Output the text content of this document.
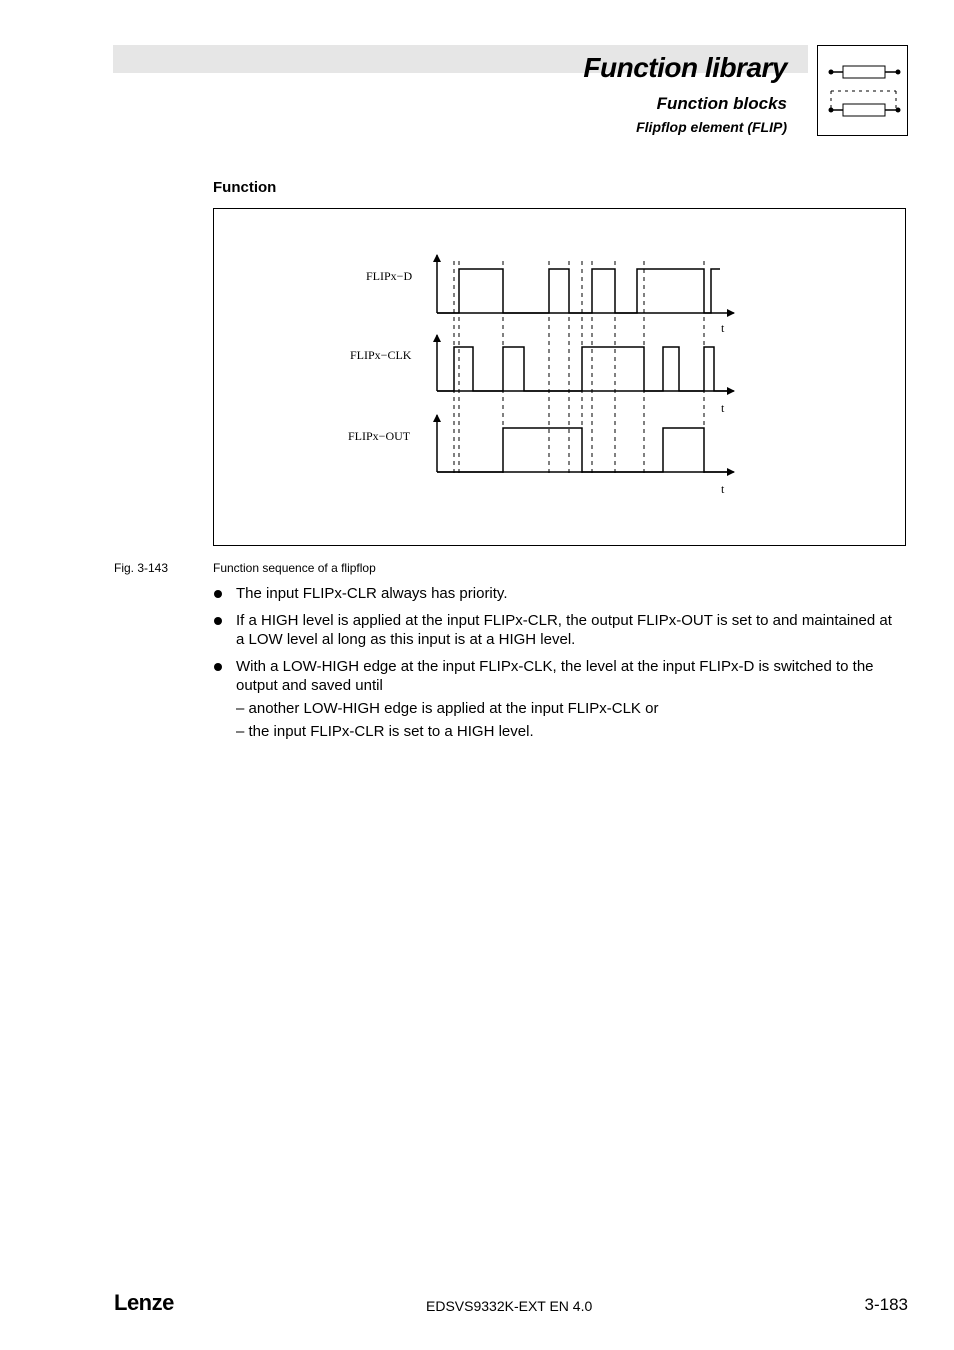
Function library
Function blocks
Flipflop element (FLIP)
Function
FLIPx−D
t
FLIPx−CLK
t
FLIPx−OUT
t
Fig. 3-143	Function sequence of a flipflop
The input FLIPx-CLR always has priority.
If a HIGH level is applied at the input FLIPx-CLR, the output FLIPx-OUT is set to and maintained at a LOW level al long as this input is at a HIGH level.
With a LOW-HIGH edge at the input FLIPx-CLK, the level at the input FLIPx-D is switched to the output and saved until
– another LOW-HIGH edge is applied at the input FLIPx-CLK or
– the input FLIPx-CLR is set to a HIGH level.
Lenze	EDSVS9332K-EXT EN 4.0	3-183
